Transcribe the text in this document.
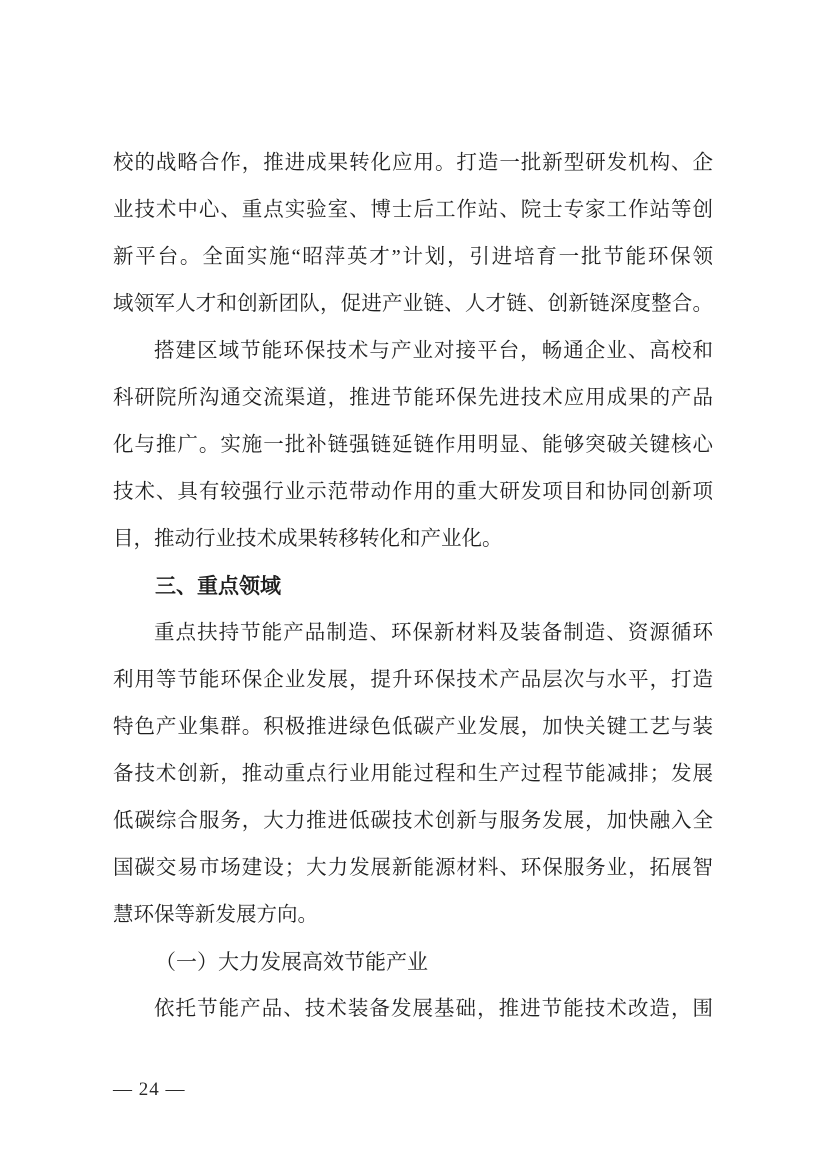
校的战略合作，推进成果转化应用。打造一批新型研发机构、企
业技术中心、重点实验室、博士后工作站、院士专家工作站等创
新平台。全面实施“昭萍英才”计划，引进培育一批节能环保领
域领军人才和创新团队，促进产业链、人才链、创新链深度整合。
搭建区域节能环保技术与产业对接平台，畅通企业、高校和
科研院所沟通交流渠道，推进节能环保先进技术应用成果的产品
化与推广。实施一批补链强链延链作用明显、能够突破关键核心
技术、具有较强行业示范带动作用的重大研发项目和协同创新项
目，推动行业技术成果转移转化和产业化。
三、重点领域
重点扶持节能产品制造、环保新材料及装备制造、资源循环
利用等节能环保企业发展，提升环保技术产品层次与水平，打造
特色产业集群。积极推进绿色低碳产业发展，加快关键工艺与装
备技术创新，推动重点行业用能过程和生产过程节能减排；发展
低碳综合服务，大力推进低碳技术创新与服务发展，加快融入全
国碳交易市场建设；大力发展新能源材料、环保服务业，拓展智
慧环保等新发展方向。
（一）大力发展高效节能产业
依托节能产品、技术装备发展基础，推进节能技术改造，围
— 24 —
